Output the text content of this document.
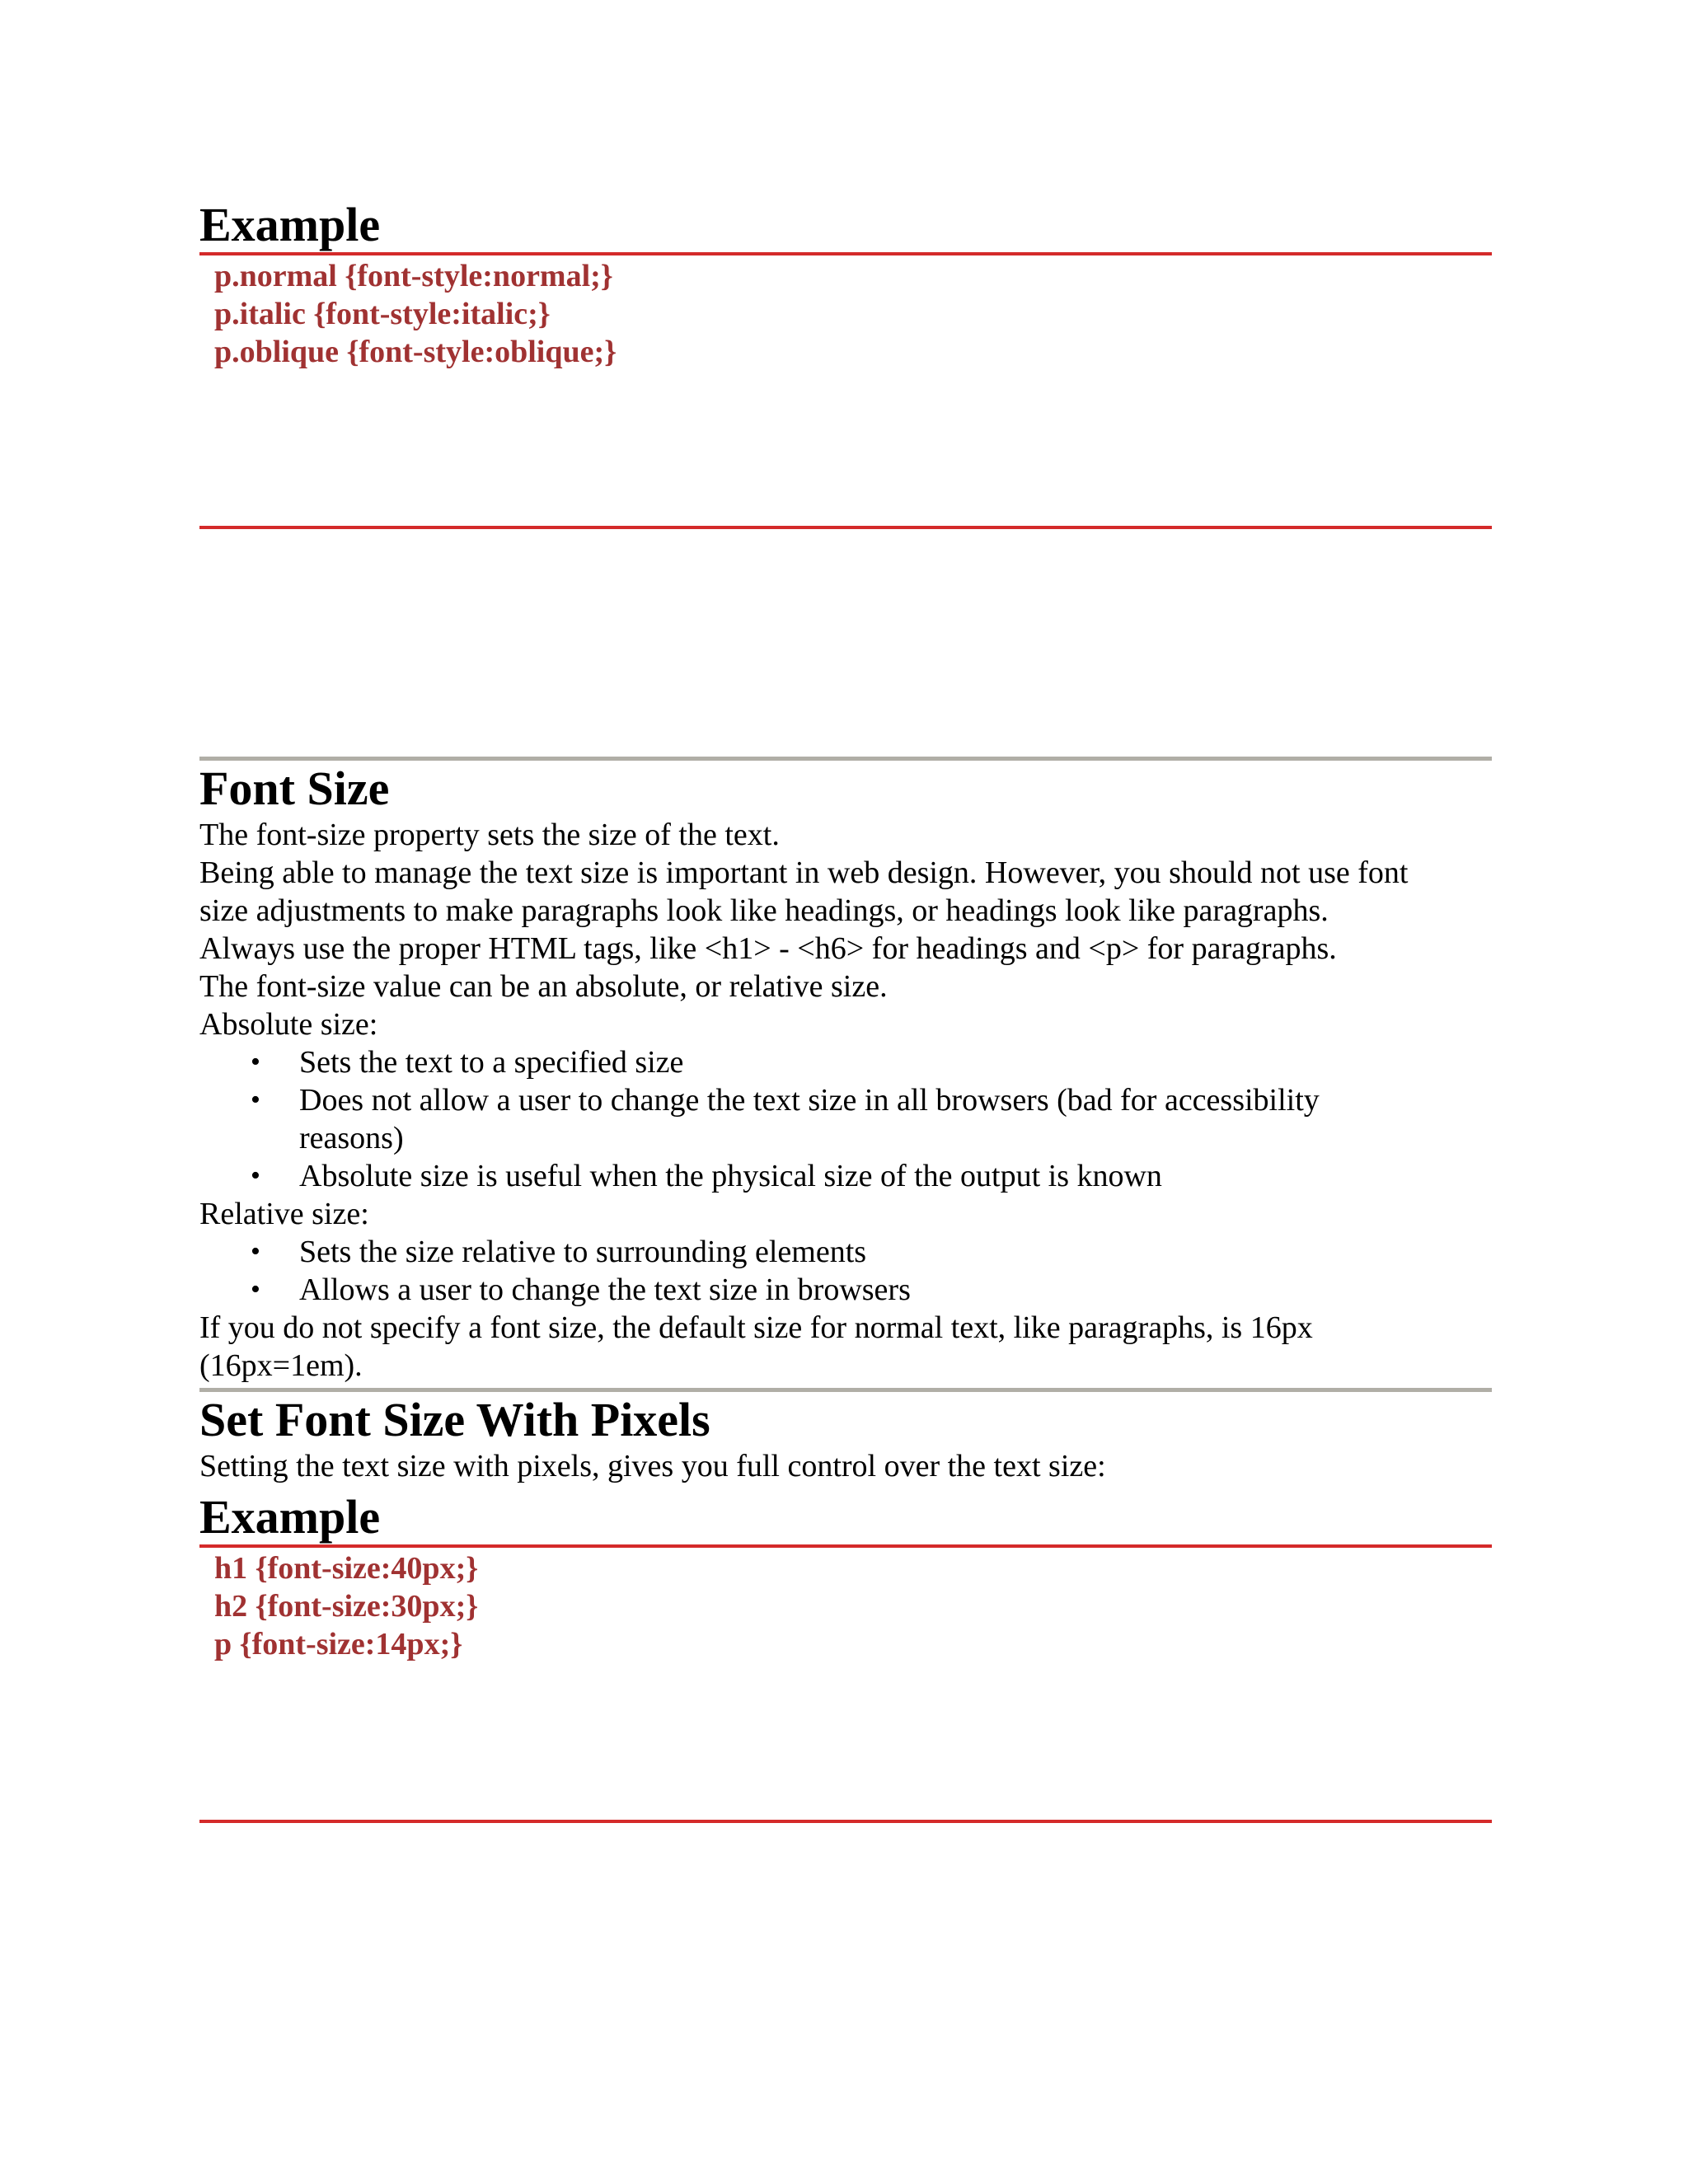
Example
p.normal {font-style:normal;}
p.italic {font-style:italic;}
p.oblique {font-style:oblique;}
Font Size

The font-size property sets the size of the text.

Being able to manage the text size is important in web design. However, you should not use font

size adjustments to make paragraphs look like headings, or headings look like paragraphs.

Always use the proper HTML tags, like <h1> - <h6> for headings and <p> for paragraphs.

The font-size value can be an absolute, or relative size.

Absolute size:

• Sets the text to a specified size
• Does not allow a user to change the text size in all browsers (bad for accessibility
reasons)
• Absolute size is useful when the physical size of the output is known

Relative size:

• Sets the size relative to surrounding elements
• Allows a user to change the text size in browsers

If you do not specify a font size, the default size for normal text, like paragraphs, is 16px

(16px=1em).

Set Font Size With Pixels

Setting the text size with pixels, gives you full control over the text size:

Example
h1 {font-size:40px;}
h2 {font-size:30px;}
p {font-size:14px;}
